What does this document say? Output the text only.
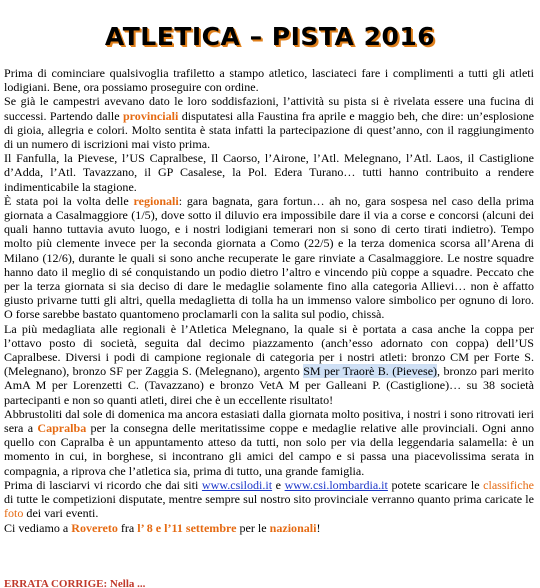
ATLETICA – PISTA 2016

Prima di cominciare qualsivoglia trafiletto a stampo atletico, lasciateci fare i complimenti a tutti gli atleti lodigiani. Bene, ora possiamo proseguire con ordine.

Se già le campestri avevano dato le loro soddisfazioni, l’attività su pista si è rivelata essere una fucina di successi. Partendo dalle provinciali disputatesi alla Faustina fra aprile e maggio beh, che dire: un’esplosione di gioia, allegria e colori. Molto sentita è stata infatti la partecipazione di quest’anno, con il raggiungimento di un numero di iscrizioni mai visto prima.

Il Fanfulla, la Pievese, l’US Capralbese, Il Caorso, l’Airone, l’Atl. Melegnano, l’Atl. Laos, il Castiglione d’Adda, l’Atl. Tavazzano, il GP Casalese, la Pol. Edera Turano… tutti hanno contribuito a rendere indimenticabile la stagione.

È stata poi la volta delle regionali: gara bagnata, gara fortun… ah no, gara sospesa nel caso della prima giornata a Casalmaggiore (1/5), dove sotto il diluvio era impossibile dare il via a corse e concorsi (alcuni dei quali hanno tuttavia avuto luogo, e i nostri lodigiani temerari non si sono di certo tirati indietro). Tempo molto più clemente invece per la seconda giornata a Como (22/5) e la terza domenica scorsa all’Arena di Milano (12/6), durante le quali si sono anche recuperate le gare rinviate a Casalmaggiore. Le nostre squadre hanno dato il meglio di sé conquistando un podio dietro l’altro e vincendo più coppe a squadre. Peccato che per la terza giornata si sia deciso di dare le medaglie solamente fino alla categoria Allievi… non è affatto giusto privarne tutti gli altri, quella medaglietta di tolla ha un immenso valore simbolico per ognuno di loro. O forse sarebbe bastato quantomeno proclamarli con la salita sul podio, chissà.

La più medagliata alle regionali è l’Atletica Melegnano, la quale si è portata a casa anche la coppa per l’ottavo posto di società, seguita dal decimo piazzamento (anch’esso adornato con coppa) dell’US Capralbese. Diversi i podi di campione regionale di categoria per i nostri atleti: bronzo CM per Forte S. (Melegnano), bronzo SF per Zaggia S. (Melegnano), argento SM per Traorè B. (Pievese), bronzo pari merito AmA M per Lorenzetti C. (Tavazzano) e bronzo VetA M per Galleani P. (Castiglione)… su 38 società partecipanti e non so quanti atleti, direi che è un eccellente risultato!

Abbrustoliti dal sole di domenica ma ancora estasiati dalla giornata molto positiva, i nostri i sono ritrovati ieri sera a Capralba per la consegna delle meritatissime coppe e medaglie relative alle provinciali. Ogni anno quello con Capralba è un appuntamento atteso da tutti, non solo per via della leggendaria salamella: è un momento in cui, in borghese, si incontrano gli amici del campo e si passa una piacevolissima serata in compagnia, a riprova che l’atletica sia, prima di tutto, una grande famiglia.

Prima di lasciarvi vi ricordo che dai siti www.csilodi.it e www.csi.lombardia.it potete scaricare le classifiche di tutte le competizioni disputate, mentre sempre sul nostro sito provinciale verranno quanto prima caricate le foto dei vari eventi.

Ci vediamo a Rovereto fra l’ 8 e l’11 settembre per le nazionali!

ERRATA CORRIGE: Nella ...
